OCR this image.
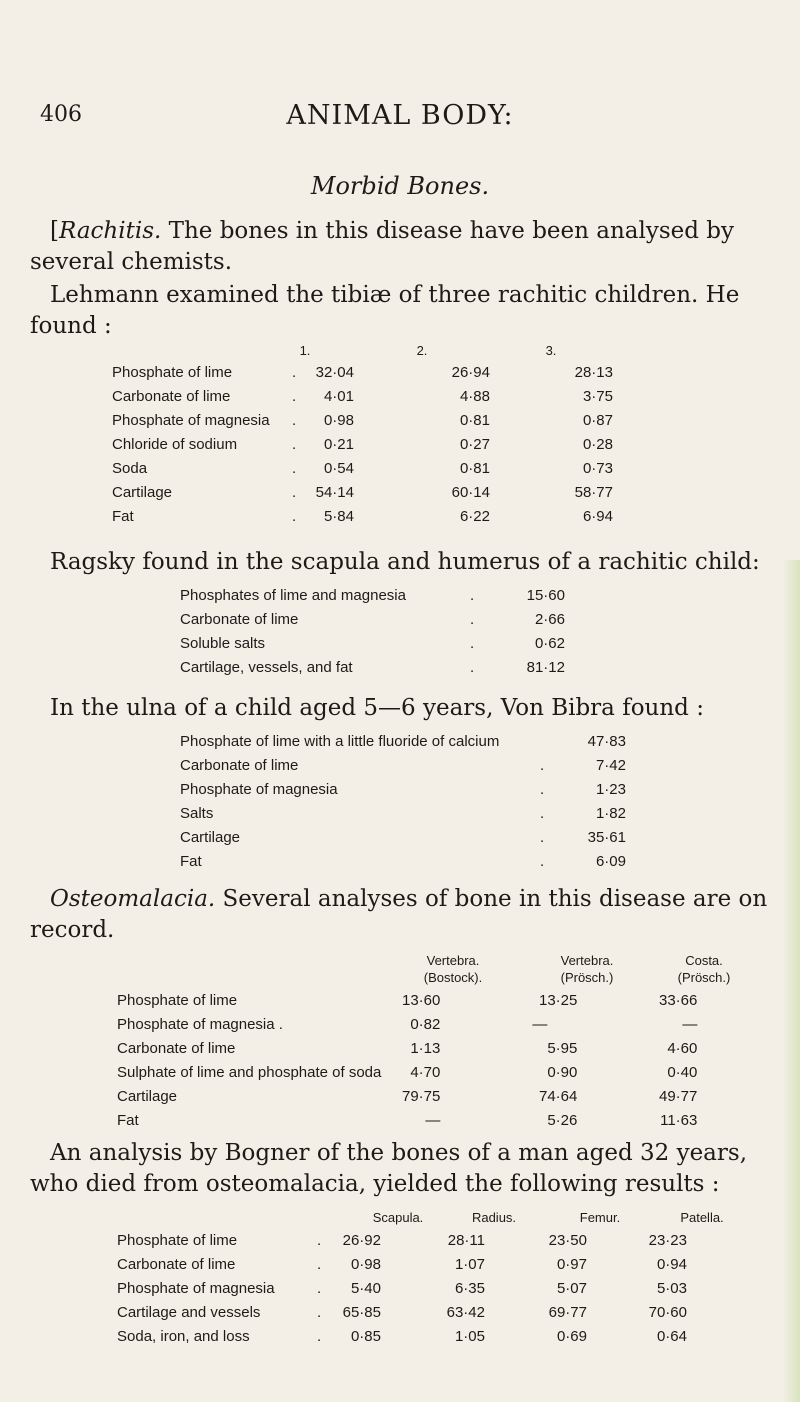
406	ANIMAL BODY:
Morbid Bones.
[Rachitis. The bones in this disease have been analysed by several chemists.
Lehmann examined the tibiæ of three rachitic children. He found :
1.	2.	3.
Phosphate of lime	.	32·04	26·94	28·13
Carbonate of lime	.	4·01	4·88	3·75
Phosphate of magnesia	.	0·98	0·81	0·87
Chloride of sodium	.	0·21	0·27	0·28
Soda	.	0·54	0·81	0·73
Cartilage	.	54·14	60·14	58·77
Fat	.	5·84	6·22	6·94
Ragsky found in the scapula and humerus of a rachitic child:
Phosphates of lime and magnesia	.	15·60
Carbonate of lime	.	2·66
Soluble salts	.	0·62
Cartilage, vessels, and fat	.	81·12
In the ulna of a child aged 5—6 years, Von Bibra found :
Phosphate of lime with a little fluoride of calcium		47·83
Carbonate of lime	.	7·42
Phosphate of magnesia	.	1·23
Salts	.	1·82
Cartilage	.	35·61
Fat	.	6·09
Osteomalacia. Several analyses of bone in this disease are on record.
Vertebra.
(Bostock).
Vertebra.
(Prösch.)
Costa.
(Prösch.)
Phosphate of lime	13·60	13·25	33·66
Phosphate of magnesia .	0·82	—	—
Carbonate of lime	1·13	5·95	4·60
Sulphate of lime and phosphate of soda	4·70	0·90	0·40
Cartilage	79·75	74·64	49·77
Fat	—	5·26	11·63
An analysis by Bogner of the bones of a man aged 32 years, who died from osteomalacia, yielded the following results :
Scapula.	Radius.	Femur.	Patella.
Phosphate of lime	.	26·92	28·11	23·50	23·23
Carbonate of lime	.	0·98	1·07	0·97	0·94
Phosphate of magnesia	.	5·40	6·35	5·07	5·03
Cartilage and vessels	.	65·85	63·42	69·77	70·60
Soda, iron, and loss	.	0·85	1·05	0·69	0·64
